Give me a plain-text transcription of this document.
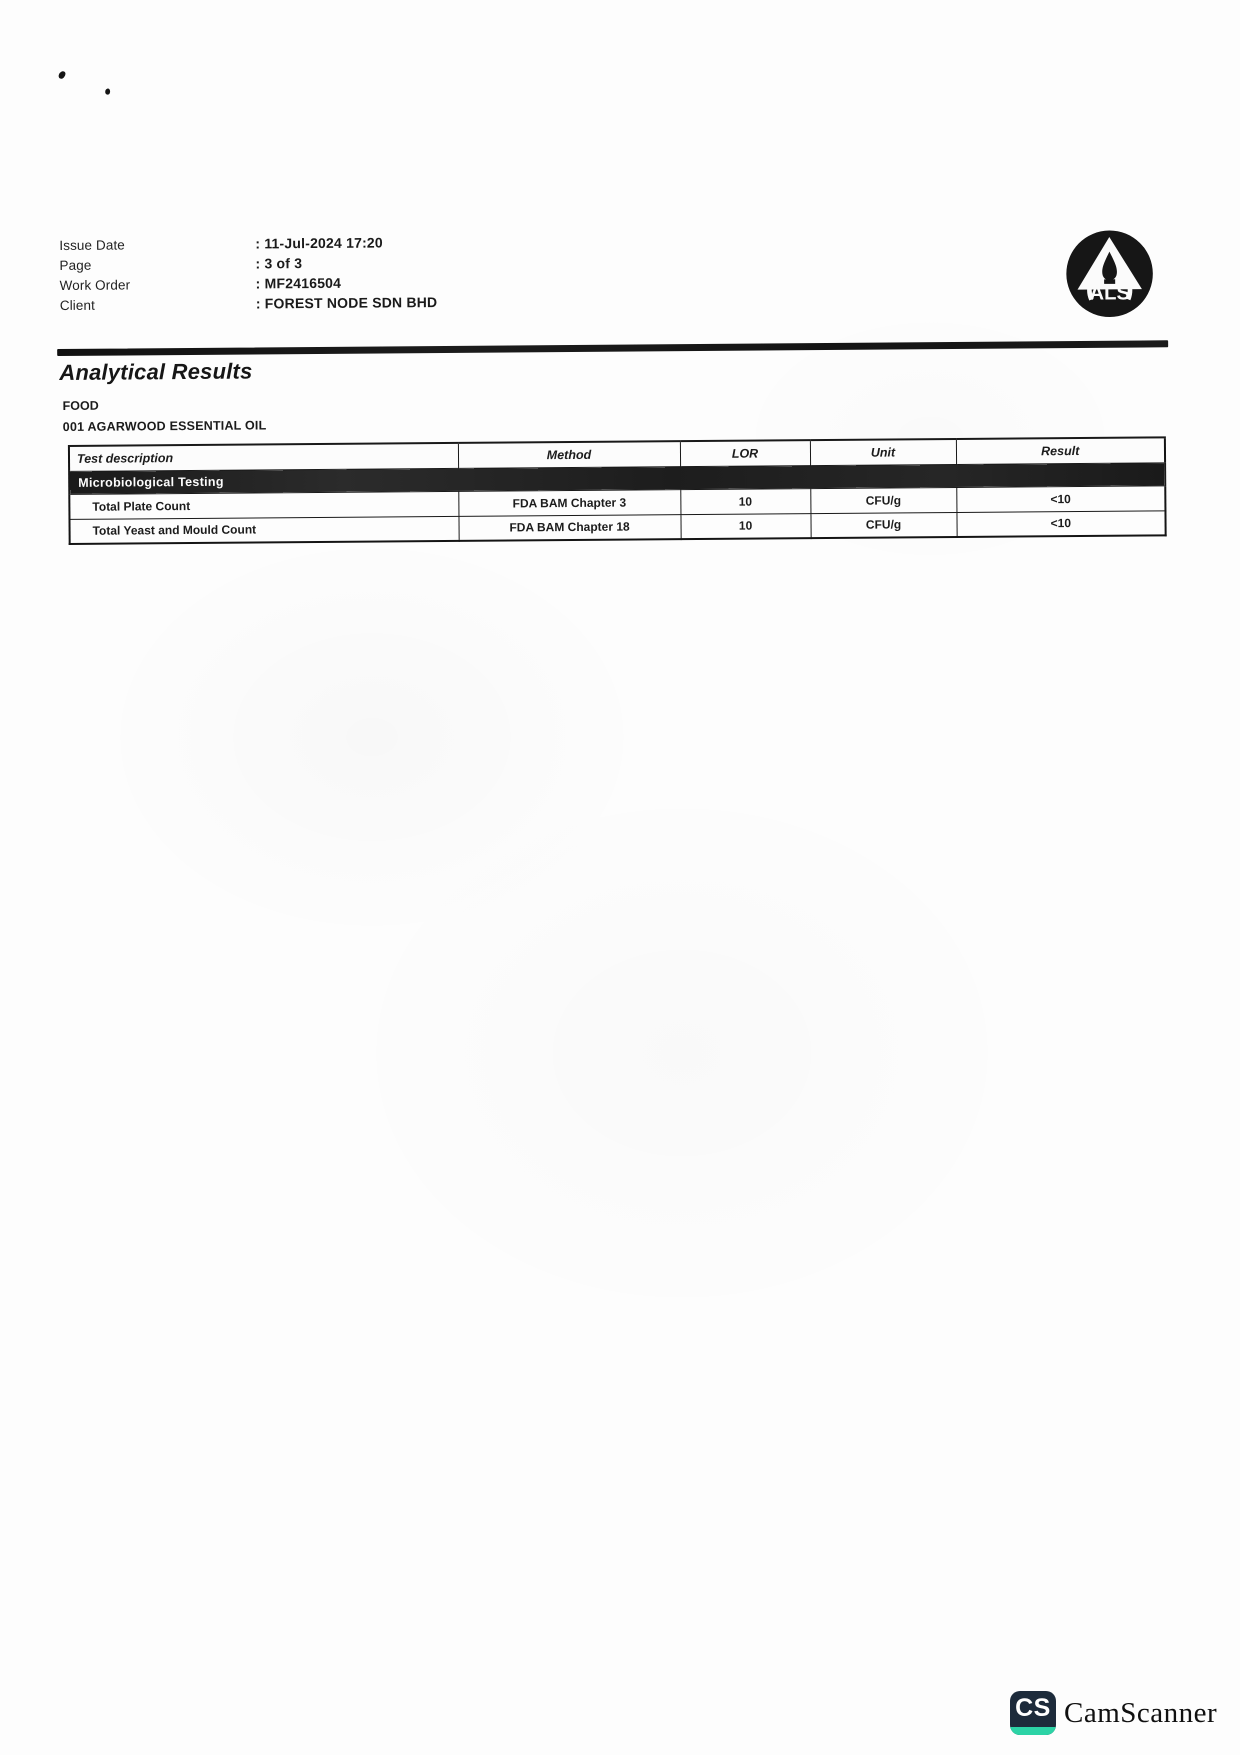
Issue Date	: 11-Jul-2024 17:20
Page	: 3 of 3
Work Order	: MF2416504
Client	: FOREST NODE SDN BHD	ALS
Analytical Results
FOOD
001 AGARWOOD ESSENTIAL OIL
Test description	Method	LOR	Unit	Result
Microbiological Testing				
Total Plate Count	FDA BAM Chapter 3	10	CFU/g	<10
Total Yeast and Mould Count	FDA BAM Chapter 18	10	CFU/g	<10
CS CamScanner
